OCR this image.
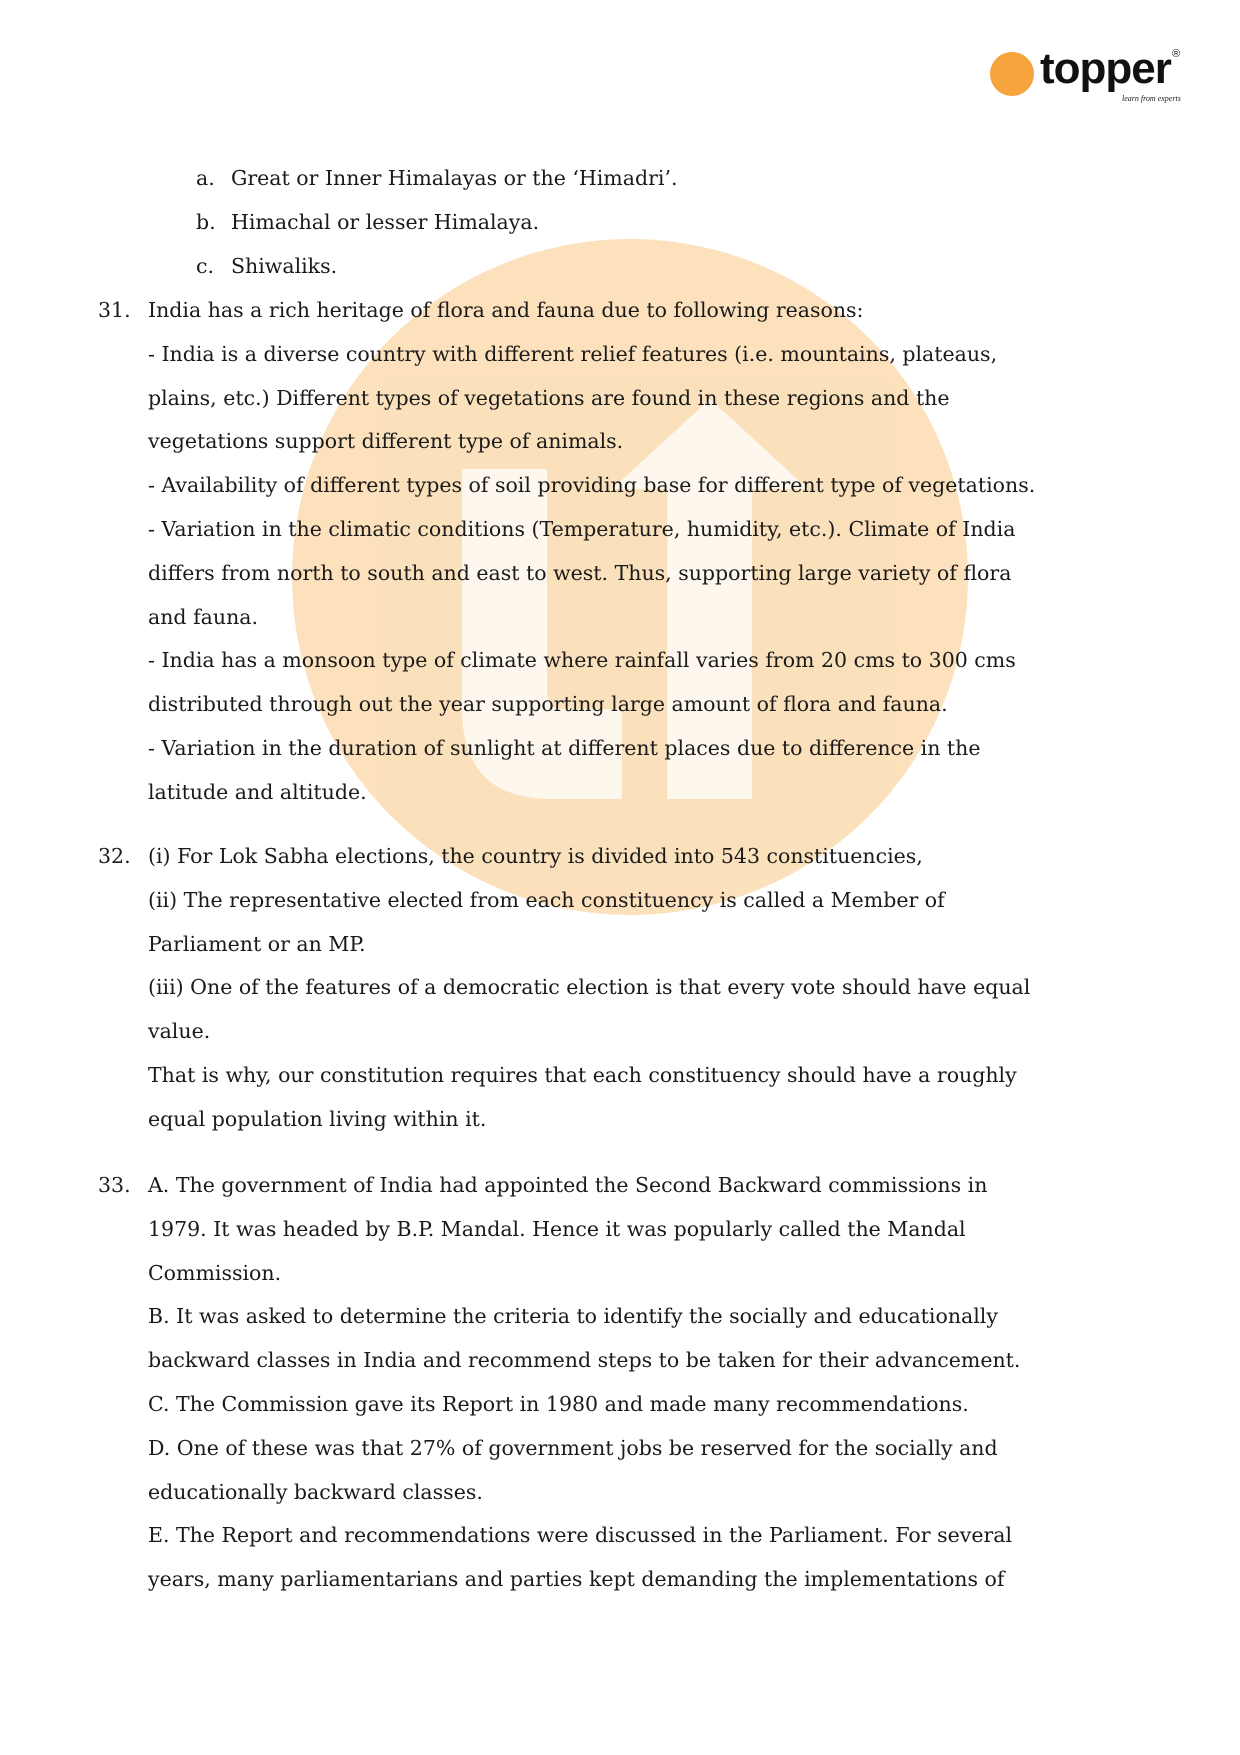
topper ®
learn from experts
a. Great or Inner Himalayas or the ‘Himadri’.
b. Himachal or lesser Himalaya.
c. Shiwaliks.
31. India has a rich heritage of flora and fauna due to following reasons:
- India is a diverse country with different relief features (i.e. mountains, plateaus,
plains, etc.) Different types of vegetations are found in these regions and the
vegetations support different type of animals.
- Availability of different types of soil providing base for different type of vegetations.
- Variation in the climatic conditions (Temperature, humidity, etc.). Climate of India
differs from north to south and east to west. Thus, supporting large variety of flora
and fauna.
- India has a monsoon type of climate where rainfall varies from 20 cms to 300 cms
distributed through out the year supporting large amount of flora and fauna.
- Variation in the duration of sunlight at different places due to difference in the
latitude and altitude.
32. (i) For Lok Sabha elections, the country is divided into 543 constituencies,
(ii) The representative elected from each constituency is called a Member of
Parliament or an MP.
(iii) One of the features of a democratic election is that every vote should have equal
value.
That is why, our constitution requires that each constituency should have a roughly
equal population living within it.
33. A. The government of India had appointed the Second Backward commissions in
1979. It was headed by B.P. Mandal. Hence it was popularly called the Mandal
Commission.
B. It was asked to determine the criteria to identify the socially and educationally
backward classes in India and recommend steps to be taken for their advancement.
C. The Commission gave its Report in 1980 and made many recommendations.
D. One of these was that 27% of government jobs be reserved for the socially and
educationally backward classes.
E. The Report and recommendations were discussed in the Parliament. For several
years, many parliamentarians and parties kept demanding the implementations of
